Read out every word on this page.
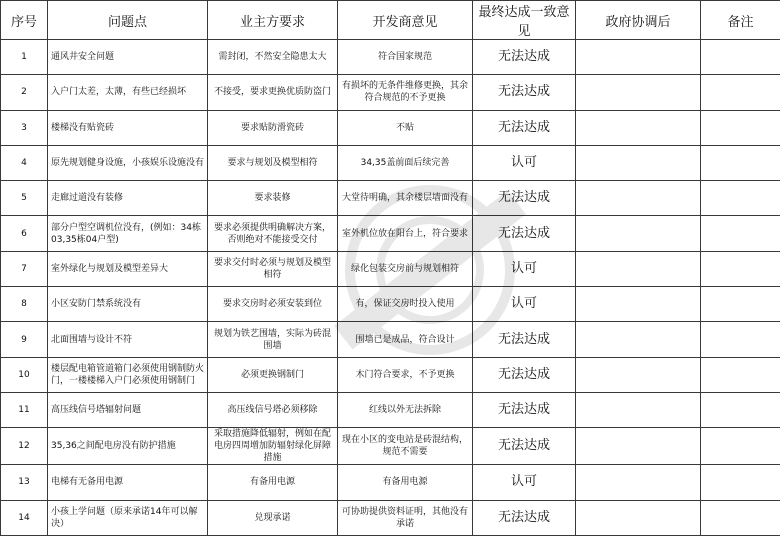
序号	问题点	业主方要求	开发商意见	最终达成一致意见	政府协调后	备注
1	通风井安全问题	需封闭，不然安全隐患太大	符合国家规范	无法达成		
2	入户门太差，太薄，有些已经损坏	不接受，要求更换优质防盗门	有损坏的无条件维修更换，其余符合规范的不予更换	无法达成		
3	楼梯没有贴瓷砖	要求贴防滑瓷砖	不贴	无法达成		
4	原先规划健身设施，小孩娱乐设施没有	要求与规划及模型相符	34,35盖前面后续完善	认可		
5	走廊过道没有装修	要求装修	大堂待明确，其余楼层墙面没有	无法达成		
6	部分户型空调机位没有，(例如：34栋03,35栋04户型)	要求必须提供明确解决方案，否则绝对不能接受交付	室外机位放在阳台上，符合要求	无法达成		
7	室外绿化与规划及模型差异大	要求交付时必须与规划及模型相符	绿化包装交房前与规划相符	认可		
8	小区安防门禁系统没有	要求交房时必须安装到位	有，保证交房时投入使用	认可		
9	北面围墙与设计不符	规划为铁艺围墙，实际为砖混围墙	围墙已是成品，符合设计	无法达成		
10	楼层配电箱管道箱门必须使用钢制防火门，一楼楼梯入户门必须使用钢制门	必须更换钢制门	木门符合要求，不予更换	无法达成		
11	高压线信号塔辐射问题	高压线信号塔必须移除	红线以外无法拆除	无法达成		
12	35,36之间配电房没有防护措施	采取措施降低辐射，例如在配电房四周增加防辐射绿化屏障措施	现在小区的变电站是砖混结构，规范不需要	无法达成		
13	电梯有无备用电源	有备用电源	有备用电源	认可		
14	小孩上学问题（原来承诺14年可以解决）	兑现承诺	可协助提供资料证明，其他没有承诺	无法达成		
